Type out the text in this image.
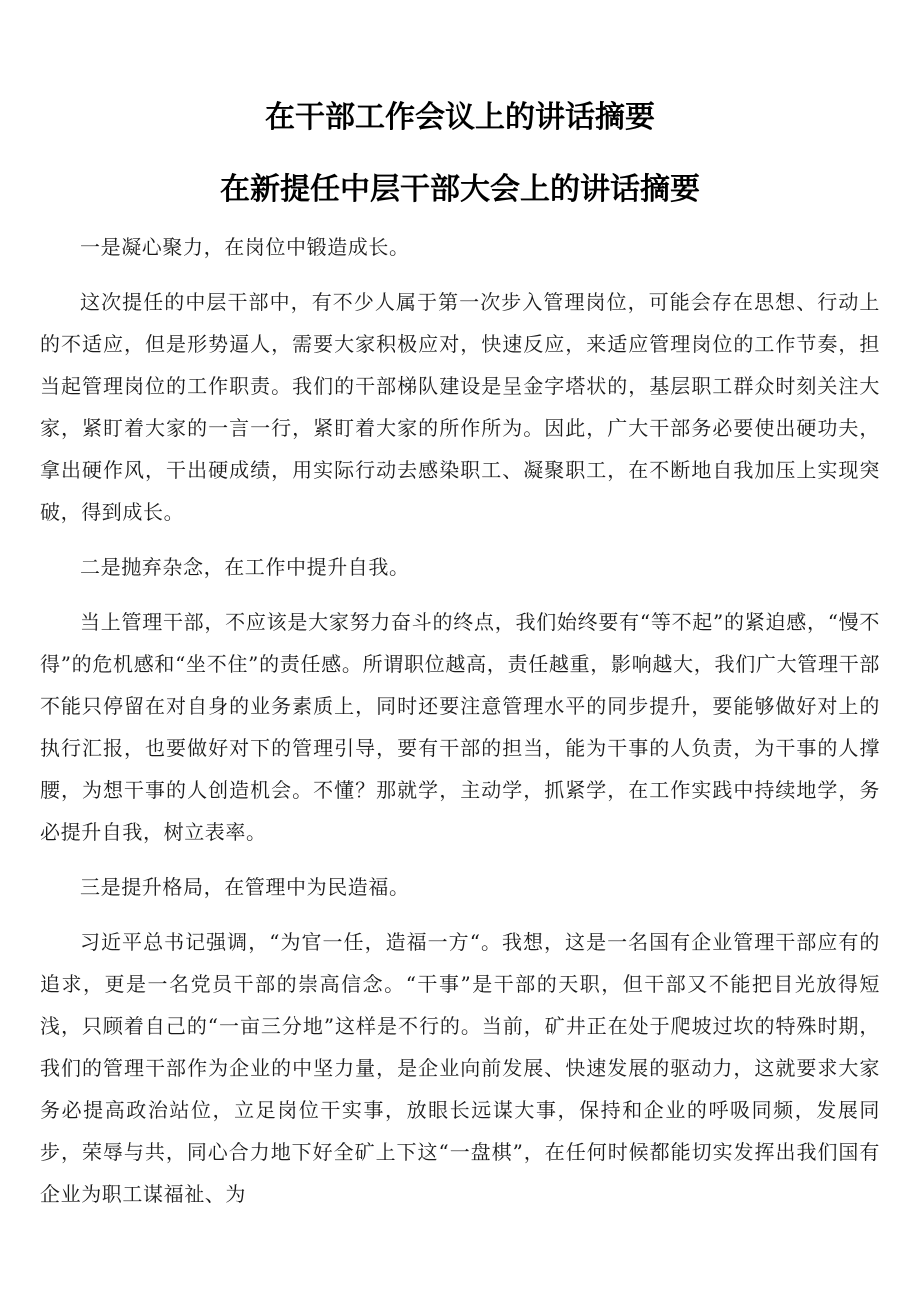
在干部工作会议上的讲话摘要
在新提任中层干部大会上的讲话摘要

一是凝心聚力，在岗位中锻造成长。

这次提任的中层干部中，有不少人属于第一次步入管理岗位，可能会存在思想、行动上的不适应，但是形势逼人，需要大家积极应对，快速反应，来适应管理岗位的工作节奏，担当起管理岗位的工作职责。我们的干部梯队建设是呈金字塔状的，基层职工群众时刻关注大家，紧盯着大家的一言一行，紧盯着大家的所作所为。因此，广大干部务必要使出硬功夫，拿出硬作风，干出硬成绩，用实际行动去感染职工、凝聚职工，在不断地自我加压上实现突破，得到成长。

二是抛弃杂念，在工作中提升自我。

当上管理干部，不应该是大家努力奋斗的终点，我们始终要有“等不起”的紧迫感，“慢不得”的危机感和“坐不住”的责任感。所谓职位越高，责任越重，影响越大，我们广大管理干部不能只停留在对自身的业务素质上，同时还要注意管理水平的同步提升，要能够做好对上的执行汇报，也要做好对下的管理引导，要有干部的担当，能为干事的人负责，为干事的人撑腰，为想干事的人创造机会。不懂？那就学，主动学，抓紧学，在工作实践中持续地学，务必提升自我，树立表率。

三是提升格局，在管理中为民造福。

习近平总书记强调，“为官一任，造福一方“。我想，这是一名国有企业管理干部应有的追求，更是一名党员干部的崇高信念。“干事”是干部的天职，但干部又不能把目光放得短浅，只顾着自己的“一亩三分地”这样是不行的。当前，矿井正在处于爬坡过坎的特殊时期，我们的管理干部作为企业的中坚力量，是企业向前发展、快速发展的驱动力，这就要求大家务必提高政治站位，立足岗位干实事，放眼长远谋大事，保持和企业的呼吸同频，发展同步，荣辱与共，同心合力地下好全矿上下这“一盘棋”，在任何时候都能切实发挥出我们国有企业为职工谋福祉、为
